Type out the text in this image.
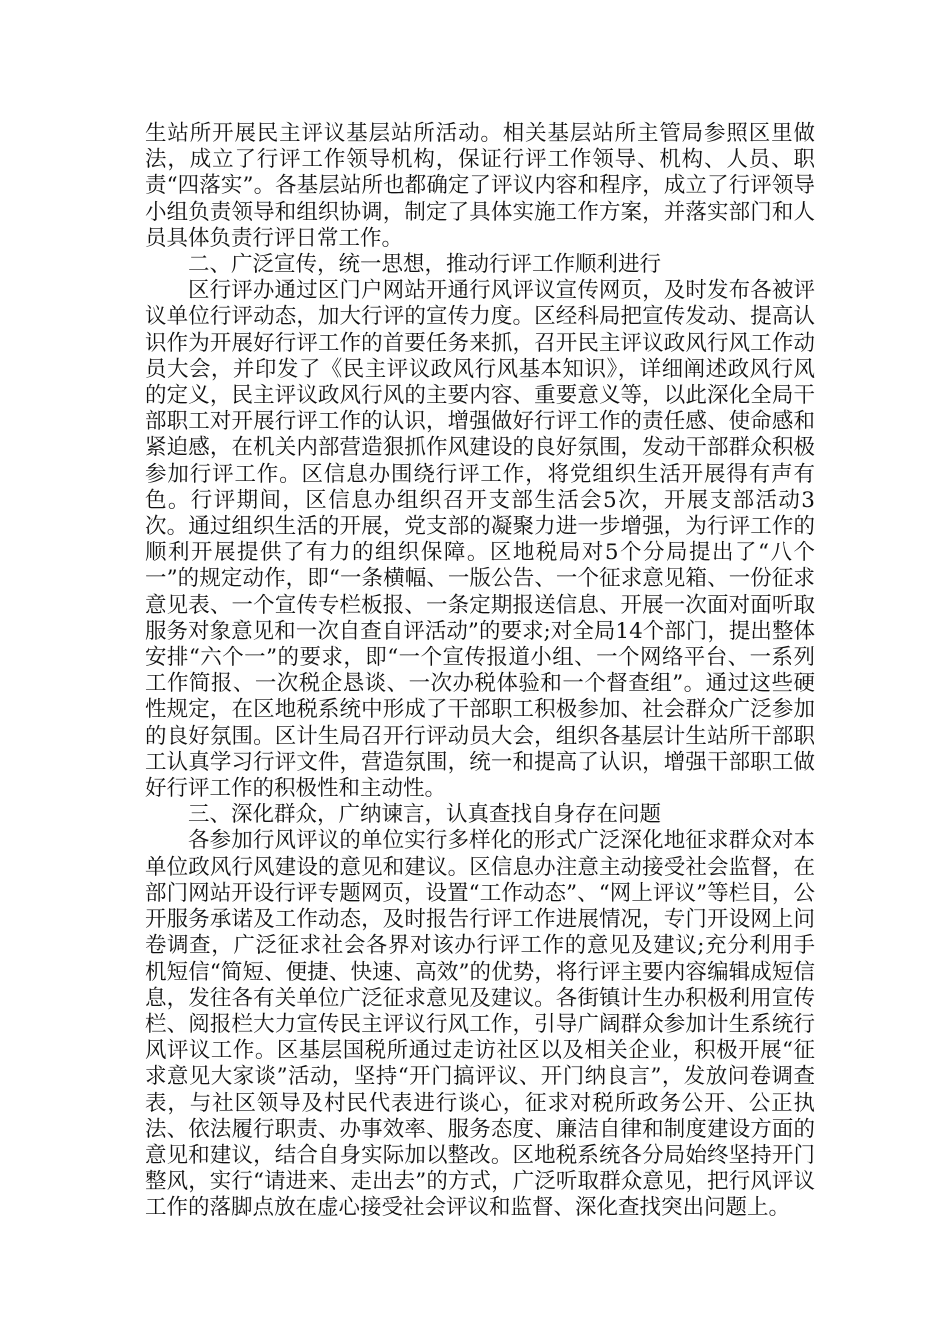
生站所开展民主评议基层站所活动。相关基层站所主管局参照区里做法，成立了行评工作领导机构，保证行评工作领导、机构、人员、职责“四落实”。各基层站所也都确定了评议内容和程序，成立了行评领导小组负责领导和组织协调，制定了具体实施工作方案，并落实部门和人员具体负责行评日常工作。

二、广泛宣传，统一思想，推动行评工作顺利进行

区行评办通过区门户网站开通行风评议宣传网页，及时发布各被评议单位行评动态，加大行评的宣传力度。区经科局把宣传发动、提高认识作为开展好行评工作的首要任务来抓，召开民主评议政风行风工作动员大会，并印发了《民主评议政风行风基本知识》，详细阐述政风行风的定义，民主评议政风行风的主要内容、重要意义等，以此深化全局干部职工对开展行评工作的认识，增强做好行评工作的责任感、使命感和紧迫感，在机关内部营造狠抓作风建设的良好氛围，发动干部群众积极参加行评工作。区信息办围绕行评工作，将党组织生活开展得有声有色。行评期间，区信息办组织召开支部生活会5次，开展支部活动3次。通过组织生活的开展，党支部的凝聚力进一步增强，为行评工作的顺利开展提供了有力的组织保障。区地税局对5个分局提出了“八个一”的规定动作，即“一条横幅、一版公告、一个征求意见箱、一份征求意见表、一个宣传专栏板报、一条定期报送信息、开展一次面对面听取服务对象意见和一次自查自评活动”的要求;对全局14个部门，提出整体安排“六个一”的要求，即“一个宣传报道小组、一个网络平台、一系列工作简报、一次税企恳谈、一次办税体验和一个督查组”。通过这些硬性规定，在区地税系统中形成了干部职工积极参加、社会群众广泛参加的良好氛围。区计生局召开行评动员大会，组织各基层计生站所干部职工认真学习行评文件，营造氛围，统一和提高了认识，增强干部职工做好行评工作的积极性和主动性。

三、深化群众，广纳谏言，认真查找自身存在问题

各参加行风评议的单位实行多样化的形式广泛深化地征求群众对本单位政风行风建设的意见和建议。区信息办注意主动接受社会监督，在部门网站开设行评专题网页，设置“工作动态”、“网上评议”等栏目，公开服务承诺及工作动态，及时报告行评工作进展情况，专门开设网上问卷调查，广泛征求社会各界对该办行评工作的意见及建议;充分利用手机短信“简短、便捷、快速、高效”的优势，将行评主要内容编辑成短信息，发往各有关单位广泛征求意见及建议。各街镇计生办积极利用宣传栏、阅报栏大力宣传民主评议行风工作，引导广阔群众参加计生系统行风评议工作。区基层国税所通过走访社区以及相关企业，积极开展“征求意见大家谈”活动，坚持“开门搞评议、开门纳良言”，发放问卷调查表，与社区领导及村民代表进行谈心，征求对税所政务公开、公正执法、依法履行职责、办事效率、服务态度、廉洁自律和制度建设方面的意见和建议，结合自身实际加以整改。区地税系统各分局始终坚持开门整风，实行“请进来、走出去”的方式，广泛听取群众意见，把行风评议工作的落脚点放在虚心接受社会评议和监督、深化查找突出问题上。
